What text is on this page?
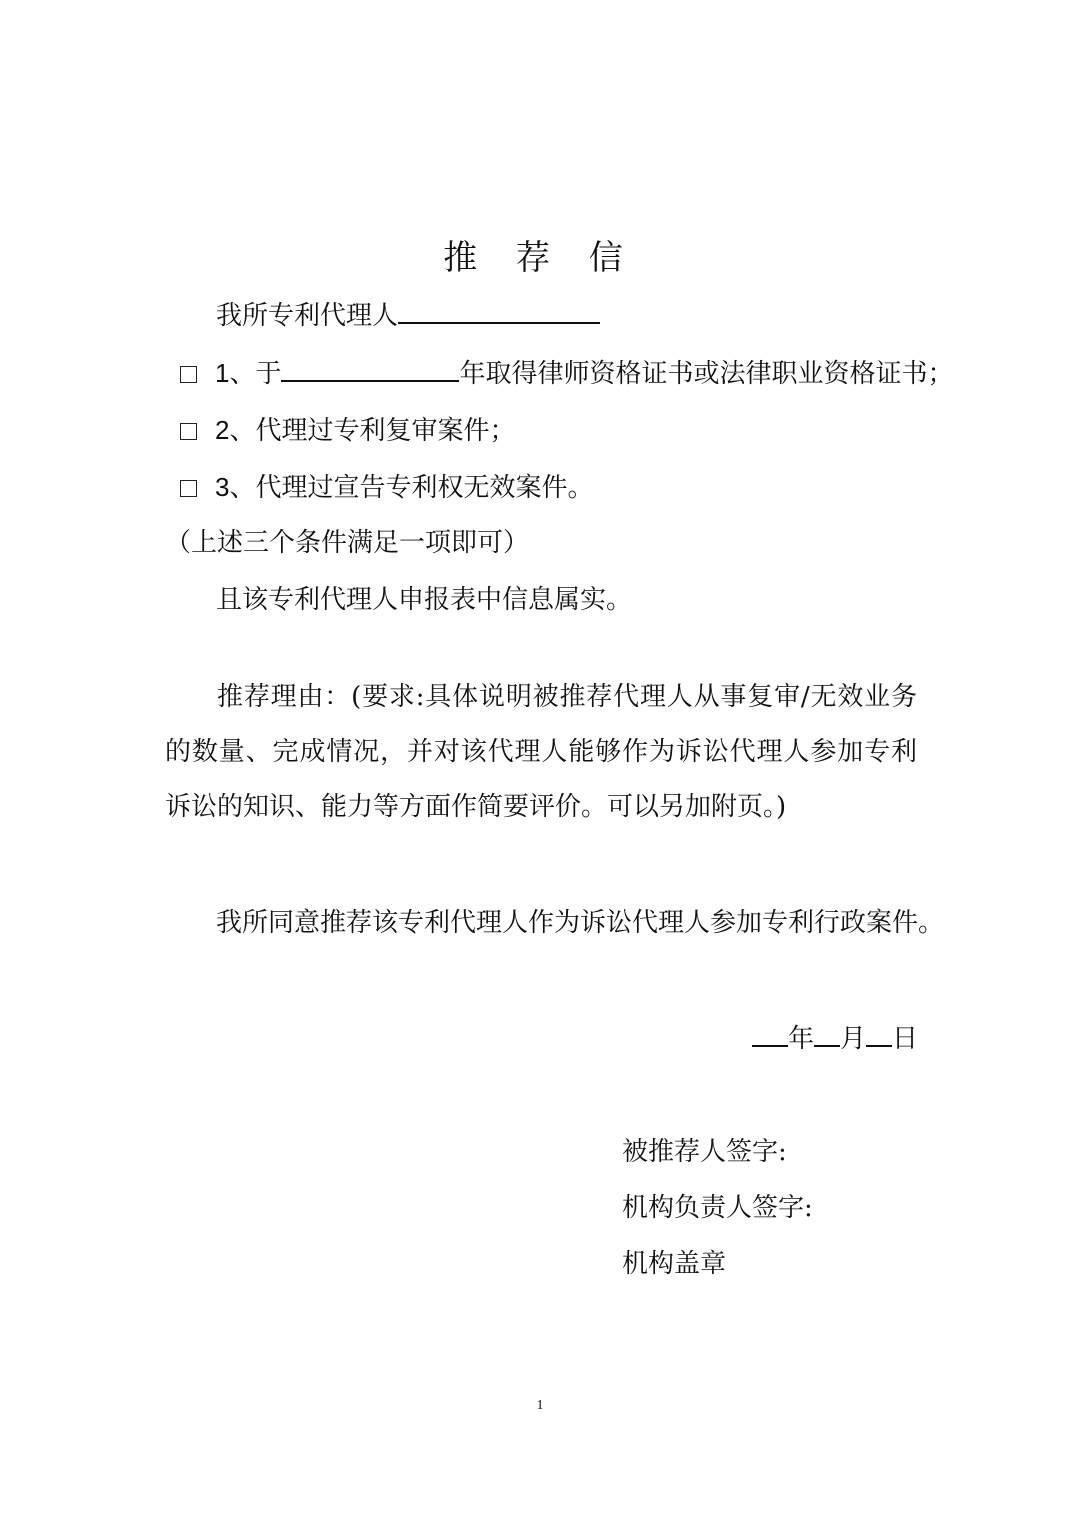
推 荐 信
我所专利代理人
1、于	年取得律师资格证书或法律职业资格证书；
2、代理过专利复审案件；
3、代理过宣告专利权无效案件。
（上述三个条件满足一项即可）
且该专利代理人申报表中信息属实。
推荐理由：(要求:具体说明被推荐代理人从事复审/无效业务的数量、完成情况，并对该代理人能够作为诉讼代理人参加专利诉讼的知识、能力等方面作简要评价。可以另加附页。)
我所同意推荐该专利代理人作为诉讼代理人参加专利行政案件。
年 月 日
被推荐人签字:
机构负责人签字:
机构盖章
1
